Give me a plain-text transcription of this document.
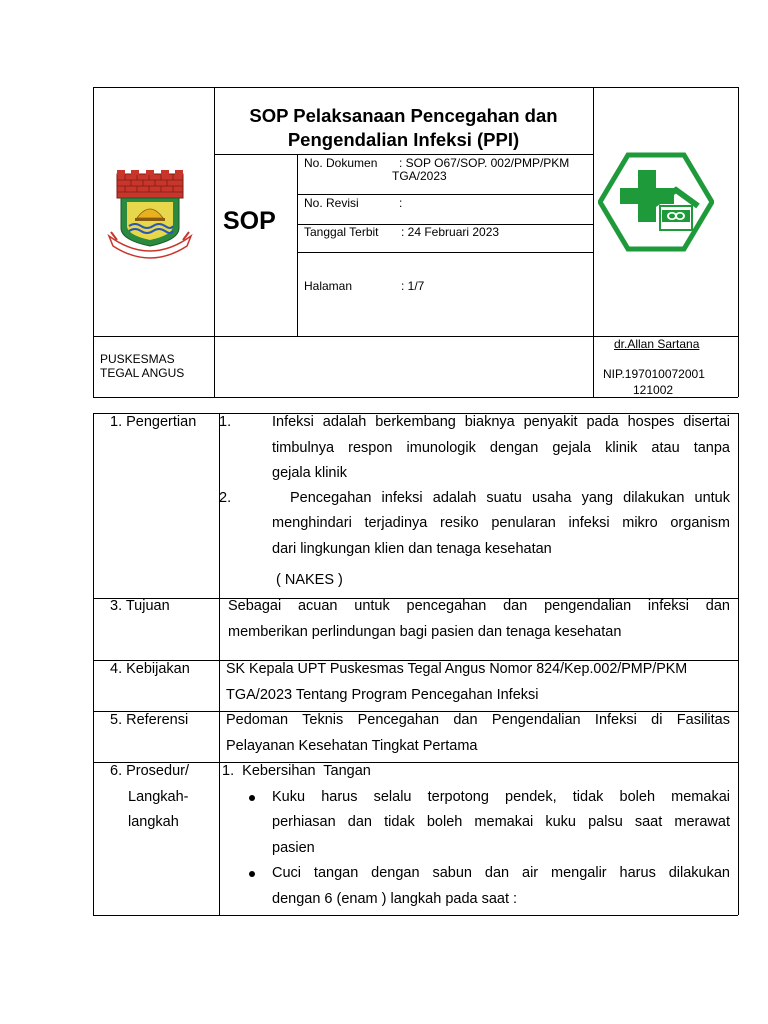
SOP Pelaksanaan Pencegahan dan
Pengendalian Infeksi (PPI)
SOP
No. Dokumen : SOP O67/SOP. 002/PMP/PKM
TGA/2023
No. Revisi	:
Tanggal Terbit : 24 Februari 2023
Halaman	: 1/7
PUSKESMAS
TEGAL ANGUS
dr.Allan Sartana
NIP.197010072001
121002
1. Pengertian 1.	Infeksi adalah berkembang biaknya penyakit pada hospes disertai
timbulnya respon imunologik dengan gejala klinik atau tanpa
gejala klinik
2.	Pencegahan infeksi adalah suatu usaha yang dilakukan untuk
menghindari terjadinya resiko penularan infeksi mikro organism
dari lingkungan klien dan tenaga kesehatan
( NAKES )
3. Tujuan	Sebagai acuan untuk pencegahan dan pengendalian infeksi dan
memberikan perlindungan bagi pasien dan tenaga kesehatan
4. Kebijakan	SK Kepala UPT Puskesmas Tegal Angus Nomor 824/Kep.002/PMP/PKM
TGA/2023 Tentang Program Pencegahan Infeksi
5. Referensi	Pedoman Teknis Pencegahan dan Pengendalian Infeksi di Fasilitas
Pelayanan Kesehatan Tingkat Pertama
6. Prosedur/
Langkah-
langkah
1.  Kebersihan  Tangan
Kuku harus selalu terpotong pendek, tidak boleh memakai
perhiasan dan tidak boleh memakai kuku palsu saat merawat
pasien
Cuci tangan dengan sabun dan air mengalir harus dilakukan
dengan 6 (enam ) langkah pada saat :
